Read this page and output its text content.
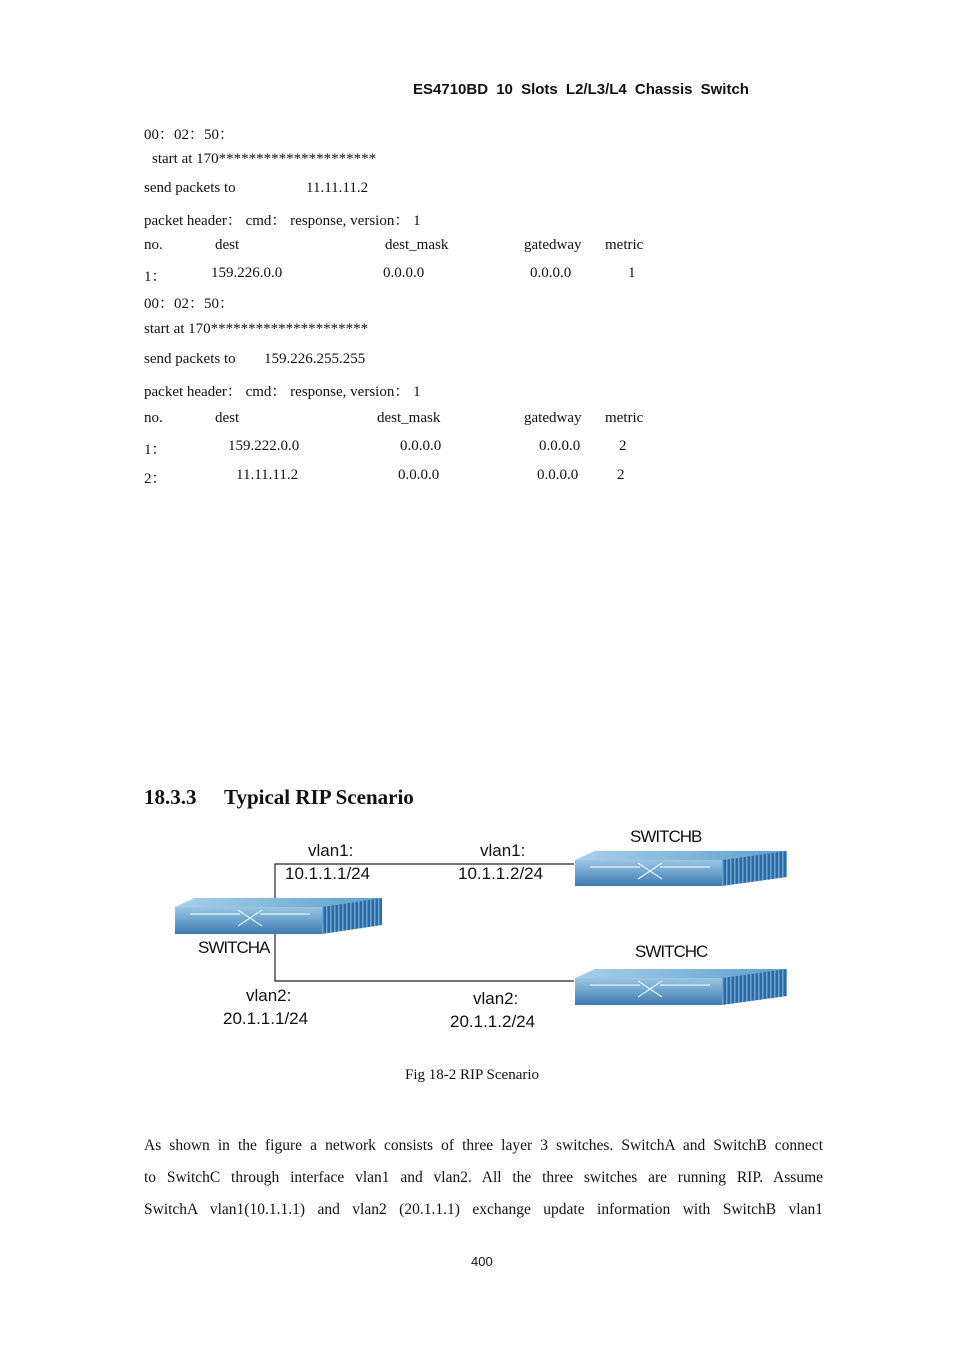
ES4710BD 10 Slots L2/L3/L4 Chassis Switch
00：02：50：
start at 170*********************
send packets to	11.11.11.2
packet header： cmd： response, version： 1
no.	dest	dest_mask	gatedway metric
1：	159.226.0.0	0.0.0.0	0.0.0.0	1
00：02：50：
start at 170*********************
send packets to 159.226.255.255
packet header： cmd： response, version： 1
no.	dest	dest_mask	gatedway metric
1：	159.222.0.0	0.0.0.0	0.0.0.0	2
2：	11.11.11.2	0.0.0.0	0.0.0.0	2
18.3.3 Typical RIP Scenario
SWITCHB
SWITCHA	SWITCHC
vlan1:
10.1.1.1/24
vlan1:
10.1.1.2/24
vlan2:
20.1.1.1/24
vlan2:
20.1.1.2/24
Fig 18-2 RIP Scenario
As shown in the figure a network consists of three layer 3 switches. SwitchA and SwitchB connect
to SwitchC through interface vlan1 and vlan2. All the three switches are running RIP. Assume
SwitchA vlan1(10.1.1.1) and vlan2 (20.1.1.1) exchange update information with SwitchB vlan1
400
